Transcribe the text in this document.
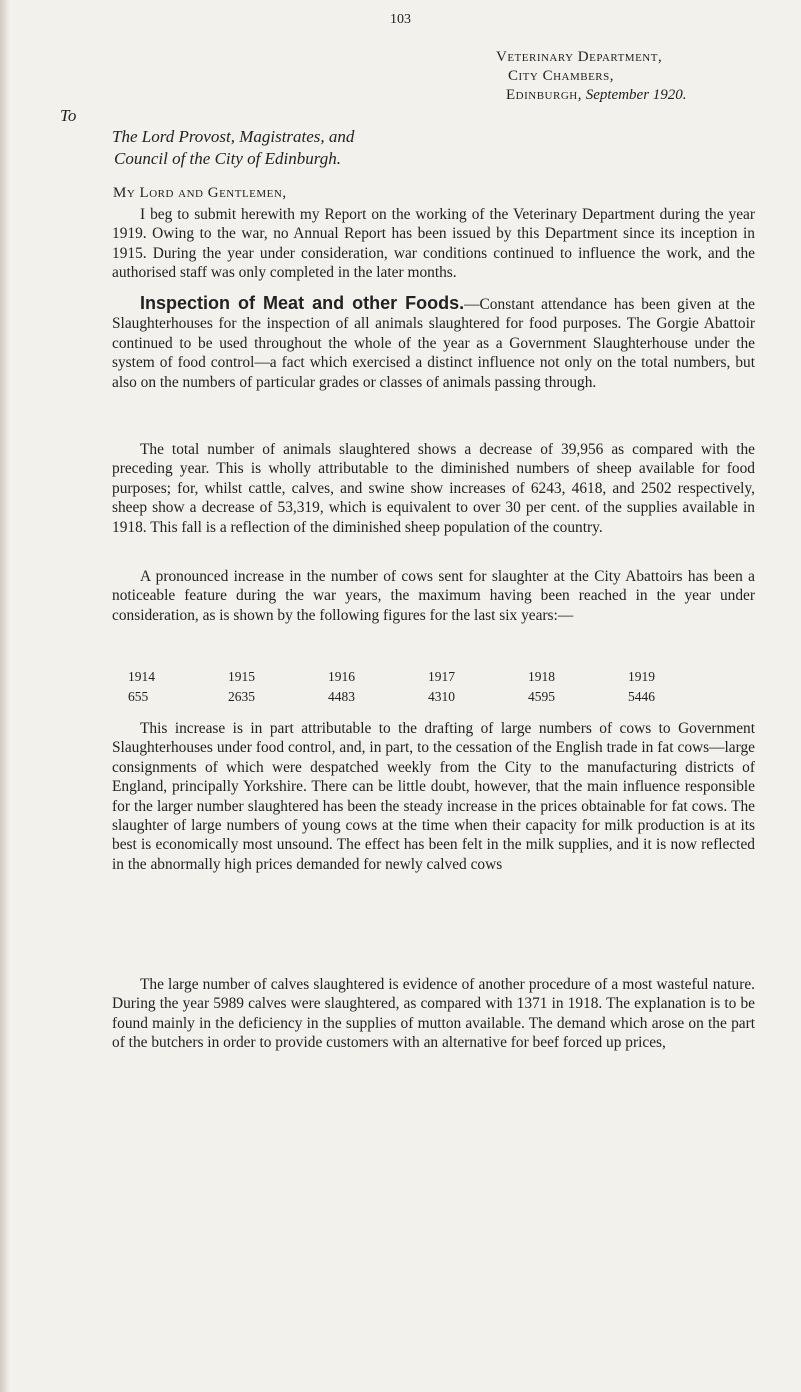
103
Veterinary Department,
City Chambers,
Edinburgh, September 1920.
To
The Lord Provost, Magistrates, and
Council of the City of Edinburgh.
My Lord and Gentlemen,

I beg to submit herewith my Report on the working of the Veterinary Department during the year 1919. Owing to the war, no Annual Report has been issued by this Department since its inception in 1915. During the year under consideration, war conditions continued to influence the work, and the authorised staff was only completed in the later months.

Inspection of Meat and other Foods.—Constant attendance has been given at the Slaughterhouses for the inspection of all animals slaughtered for food purposes. The Gorgie Abattoir continued to be used throughout the whole of the year as a Government Slaughterhouse under the system of food control—a fact which exercised a distinct influence not only on the total numbers, but also on the numbers of particular grades or classes of animals passing through.

The total number of animals slaughtered shows a decrease of 39,956 as compared with the preceding year. This is wholly attributable to the diminished numbers of sheep available for food purposes; for, whilst cattle, calves, and swine show increases of 6243, 4618, and 2502 respectively, sheep show a decrease of 53,319, which is equivalent to over 30 per cent. of the supplies available in 1918. This fall is a reflection of the diminished sheep population of the country.

A pronounced increase in the number of cows sent for slaughter at the City Abattoirs has been a noticeable feature during the war years, the maximum having been reached in the year under consideration, as is shown by the following figures for the last six years:—

1914	1915	1916	1917	1918	1919
655	2635	4483	4310	4595	5446

This increase is in part attributable to the drafting of large numbers of cows to Government Slaughterhouses under food control, and, in part, to the cessation of the English trade in fat cows—large consignments of which were despatched weekly from the City to the manufacturing districts of England, principally Yorkshire. There can be little doubt, however, that the main influence responsible for the larger number slaughtered has been the steady increase in the prices obtainable for fat cows. The slaughter of large numbers of young cows at the time when their capacity for milk production is at its best is economically most unsound. The effect has been felt in the milk supplies, and it is now reflected in the abnormally high prices demanded for newly calved cows

The large number of calves slaughtered is evidence of another procedure of a most wasteful nature. During the year 5989 calves were slaughtered, as compared with 1371 in 1918. The explanation is to be found mainly in the deficiency in the supplies of mutton available. The demand which arose on the part of the butchers in order to provide customers with an alternative for beef forced up prices,
